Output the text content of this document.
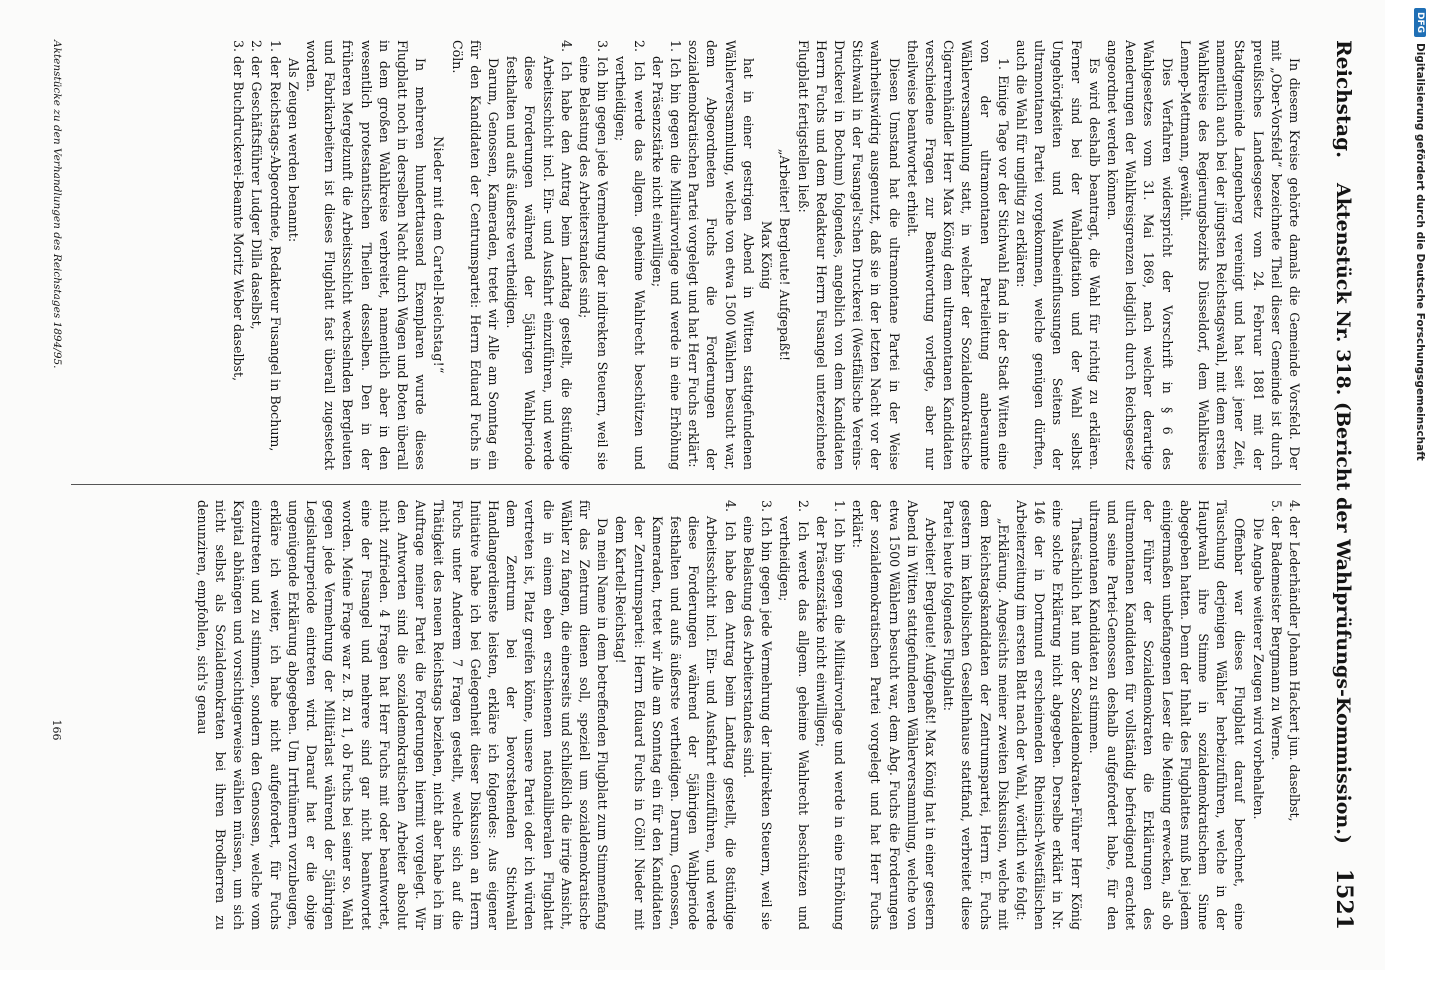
Reichstag.
Aktenstück Nr. 318. (Bericht der Wahlprüfungs-Kommission.)
1521

In diesem Kreise gehörte damals die Gemeinde Vorsfeld. Der mit „Ober-Vorsfeld“ bezeichnete Theil dieser Gemeinde ist durch preußisches Landesgesetz vom 24. Februar 1881 mit der Stadtgemeinde Langenberg vereinigt und hat seit jener Zeit, namentlich auch bei der jüngsten Reichstagswahl, mit dem ersten Wahlkreise des Regierungsbezirks Düsseldorf, dem Wahlkreise Lennep-Mettmann, gewählt.

Dies Verfahren widerspricht der Vorschrift in § 6 des Wahlgesetzes vom 31. Mai 1869, nach welcher derartige Aenderungen der Wahlkreisgrenzen lediglich durch Reichsgesetz angeordnet werden können.

Es wird deshalb beantragt, die Wahl für richtig zu erklären. Ferner sind bei der Wahlagitation und der Wahl selbst Ungehörigkeiten und Wahlbeeinflussungen Seitens der ultramontanen Partei vorgekommen, welche genügen dürften, auch die Wahl für ungiltig zu erklären:

1. Einige Tage vor der Stichwahl fand in der Stadt Witten eine von der ultramontanen Parteileitung anberaumte Wählerversammlung statt, in welcher der Sozialdemokratische Cigarrenhändler Herr Max König dem ultramontanen Kandidaten verschiedene Fragen zur Beantwortung vorlegte, aber nur theilweise beantwortet erhielt.

Diesen Umstand hat die ultramontane Partei in der Weise wahrheitswidrig ausgenutzt, daß sie in der letzten Nacht vor der Stichwahl in der Fusangel'schen Druckerei (Westfälische Vereins-Druckerei in Bochum) folgendes, angeblich von dem Kandidaten Herrn Fuchs und dem Redakteur Herrn Fusangel unterzeichnete Flugblatt fertigstellen ließ:

„Arbeiter! Bergleute! Aufgepaßt!

Max König

hat in einer gestrigen Abend in Witten stattgefundenen Wählerversammlung, welche von etwa 1500 Wählern besucht war, dem Abgeordneten Fuchs die Forderungen der sozialdemokratischen Partei vorgelegt und hat Herr Fuchs erklärt:

1. Ich bin gegen die Militairvorlage und werde in eine Erhöhung der Präsenzstärke nicht einwilligen;

2. Ich werde das allgem. geheime Wahlrecht beschützen und vertheidigen;

3. Ich bin gegen jede Vermehrung der indirekten Steuern, weil sie eine Belastung des Arbeiterstandes sind;

4. Ich habe den Antrag beim Landtag gestellt, die 8stündige Arbeitsschicht incl. Ein- und Ausfahrt einzuführen, und werde diese Forderungen während der 5jährigen Wahlperiode festhalten und aufs äußerste vertheidigen.

Darum, Genossen, Kameraden, tretet wir Alle am Sonntag ein für den Kandidaten der Centrumspartei: Herrn Eduard Fuchs in Cöln.

Nieder mit dem Cartell-Reichstag!“

In mehreren hunderttausend Exemplaren wurde dieses Flugblatt noch in derselben Nacht durch Wagen und Boten überall in dem großen Wahlkreise verbreitet, namentlich aber in den wesentlich protestantischen Theilen desselben. Den in der früheren Mergelzunft die Arbeitsschicht wechselnden Bergleuten und Fabrikarbeitern ist dieses Flugblatt fast überall zugesteckt worden.

Als Zeugen werden benannt:

1. der Reichstags-Abgeordnete, Redakteur Fusangel in Bochum,

2. der Geschäftsführer Ludger Dilla daselbst,

3. der Buchdruckerei-Beamte Moritz Weber daselbst,

4. der Lederhändler Johann Hackert jun. daselbst,

5. der Bademeister Bergmann zu Werne.

Die Angabe weiterer Zeugen wird vorbehalten.

Offenbar war dieses Flugblatt darauf berechnet, eine Täuschung derjenigen Wähler herbeizuführen, welche in der Hauptwahl ihre Stimme in sozialdemokratischem Sinne abgegeben hatten. Denn der Inhalt des Flugblattes muß bei jedem einigermaßen unbefangenen Leser die Meinung erwecken, als ob der Führer der Sozialdemokraten die Erklärungen des ultramontanen Kandidaten für vollständig befriedigend erachtet und seine Partei-Genossen deshalb aufgefordert habe, für den ultramontanen Kandidaten zu stimmen.

Thatsächlich hat nun der Sozialdemokraten-Führer Herr König eine solche Erklärung nicht abgegeben. Derselbe erklärt in Nr. 146 der in Dortmund erscheinenden Rheinisch-Westfälischen Arbeiterzeitung im ersten Blatt nach der Wahl, wörtlich wie folgt:

„Erklärung. Angesichts meiner zweiten Diskussion, welche mit dem Reichstagskandidaten der Zentrumspartei, Herrn E. Fuchs gestern im katholischen Gesellenhause stattfand, verbreitet diese Partei heute folgendes Flugblatt:

Arbeiter! Bergleute! Aufgepaßt! Max König hat in einer gestern Abend in Witten stattgefundenen Wählerversammlung, welche von etwa 1500 Wählern besucht war, dem Abg. Fuchs die Forderungen der sozialdemokratischen Partei vorgelegt und hat Herr Fuchs erklärt:

1. Ich bin gegen die Militairvorlage und werde in eine Erhöhung der Präsenzstärke nicht einwilligen;

2. Ich werde das allgem. geheime Wahlrecht beschützen und vertheidigen;

3. Ich bin gegen jede Vermehrung der indirekten Steuern, weil sie eine Belastung des Arbeiterstandes sind.

4. Ich habe den Antrag beim Landtag gestellt, die 8stündige Arbeitsschicht incl. Ein- und Ausfahrt einzuführen, und werde diese Forderungen während der 5jährigen Wahlperiode festhalten und aufs äußerste vertheidigen. Darum, Genossen, Kameraden, tretet wir Alle am Sonntag ein für den Kandidaten der Zentrumspartei: Herrn Eduard Fuchs in Cöln! Nieder mit dem Kartell-Reichstag!

Da mein Name in dem betreffenden Flugblatt zum Stimmenfang für das Zentrum dienen soll, speziell um sozialdemokratische Wähler zu fangen, die einerseits und schließlich die irrige Ansicht, die in einem eben erschienenen nationalliberalen Flugblatt vertreten ist, Platz greifen könne, unsere Partei oder ich würden dem Zentrum bei der bevorstehenden Stichwahl Handlangerdienste leisten, erkläre ich folgendes: Aus eigener Initiative habe ich bei Gelegenheit dieser Diskussion an Herrn Fuchs unter Anderem 7 Fragen gestellt, welche sich auf die Thätigkeit des neuen Reichstags beziehen, nicht aber habe ich im Auftrage meiner Partei die Forderungen hiermit vorgelegt. Wir den Antworten sind die sozialdemokratischen Arbeiter absolut nicht zufrieden. 4 Fragen hat Herr Fuchs mit oder beantwortet, eine der Fusangel und mehrere sind gar nicht beantwortet worden. Meine Frage war z. B. zu 1, ob Fuchs bei seiner so. Wahl gegen jede Vermehrung der Militärlast während der 5jährigen Legislaturperiode eintreten wird. Darauf hat er die obige ungenügende Erklärung abgegeben. Um Irrthümern vorzubeugen, erkläre ich weiter, ich habe nicht aufgefordert, für Fuchs einzutreten und zu stimmen, sondern den Genossen, welche vom Kapital abhängen und vorsichtigerweise wählen müssen, um sich nicht selbst als Sozialdemokraten bei ihren Brodherren zu denunziren, empfohlen, sich's genau

Aktenstücke zu den Verhandlungen des Reichstages 1894/95.
166
DFG
Digitalisierung gefördert durch die Deutsche Forschungsgemeinschaft
